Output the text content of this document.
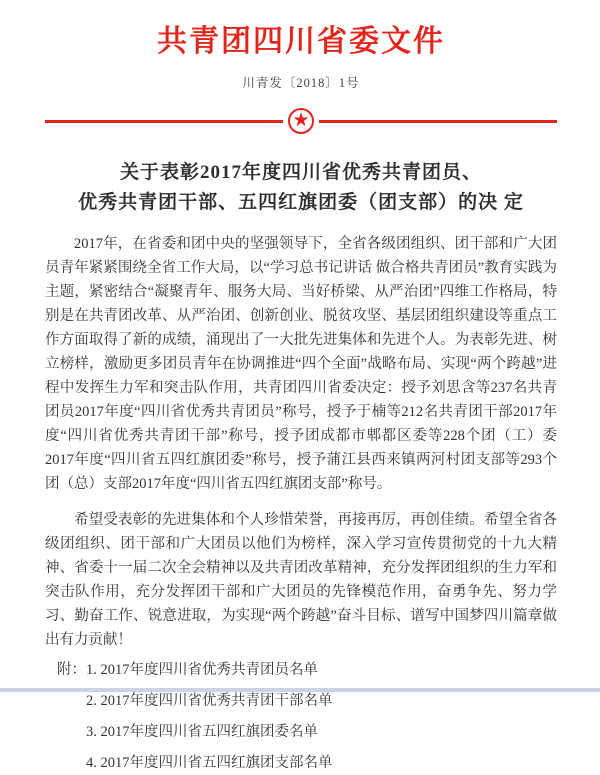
共青团四川省委文件
川青发〔2018〕1号
★
关于表彰2017年度四川省优秀共青团员、
优秀共青团干部、五四红旗团委（团支部）的决 定

2017年，在省委和团中央的坚强领导下，全省各级团组织、团干部和广大团员青年紧紧围绕全省工作大局，以“学习总书记讲话 做合格共青团员”教育实践为主题，紧密结合“凝聚青年、服务大局、当好桥梁、从严治团”四维工作格局，特别是在共青团改革、从严治团、创新创业、脱贫攻坚、基层团组织建设等重点工作方面取得了新的成绩，涌现出了一大批先进集体和先进个人。为表彰先进、树立榜样，激励更多团员青年在协调推进“四个全面”战略布局、实现“两个跨越”进程中发挥生力军和突击队作用，共青团四川省委决定：授予刘思含等237名共青团员2017年度“四川省优秀共青团员”称号，授予于楠等212名共青团干部2017年度“四川省优秀共青团干部”称号，授予团成都市郫都区委等228个团（工）委2017年度“四川省五四红旗团委”称号，授予蒲江县西来镇两河村团支部等293个团（总）支部2017年度“四川省五四红旗团支部”称号。

希望受表彰的先进集体和个人珍惜荣誉，再接再厉，再创佳绩。希望全省各级团组织、团干部和广大团员以他们为榜样，深入学习宣传贯彻党的十九大精神、省委十一届二次全会精神以及共青团改革精神，充分发挥团组织的生力军和突击队作用，充分发挥团干部和广大团员的先锋模范作用，奋勇争先、努力学习、勤奋工作、锐意进取，为实现“两个跨越”奋斗目标、谱写中国梦四川篇章做出有力贡献！

附：1. 2017年度四川省优秀共青团员名单
2. 2017年度四川省优秀共青团干部名单
3. 2017年度四川省五四红旗团委名单
4. 2017年度四川省五四红旗团支部名单
